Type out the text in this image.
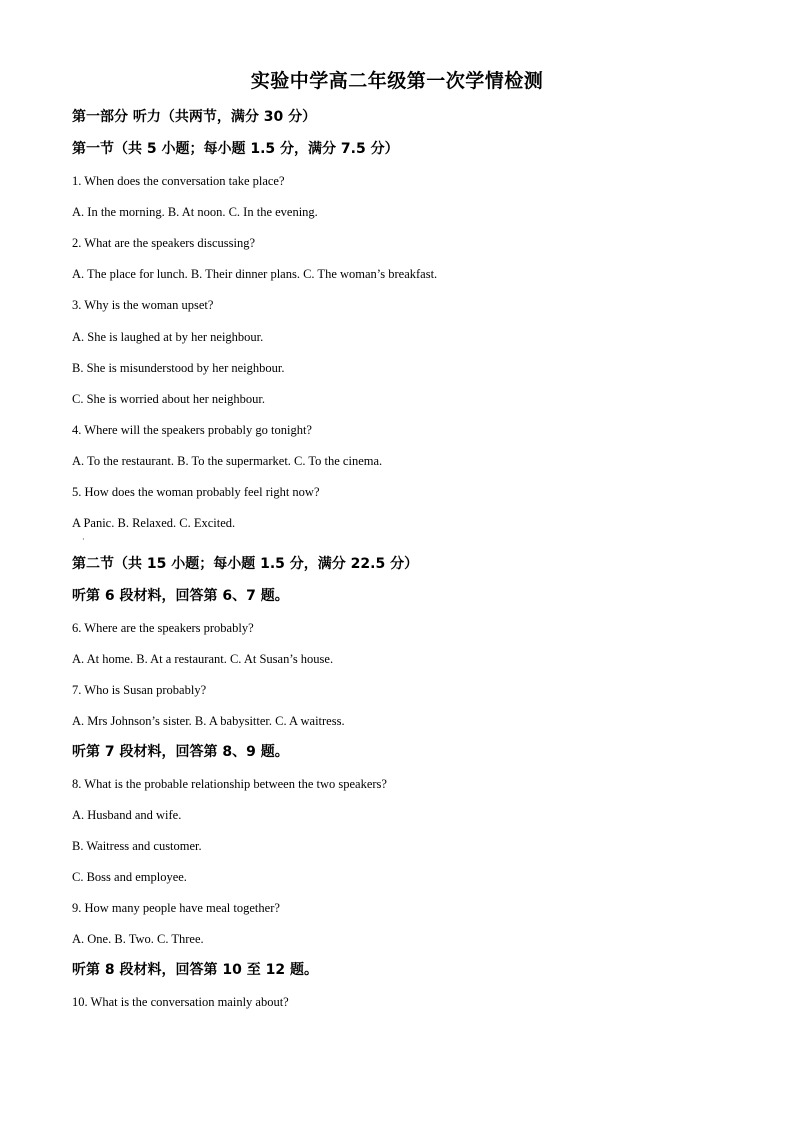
实验中学高二年级第一次学情检测
第一部分 听力（共两节，满分 30 分）
第一节（共 5 小题；每小题 1.5 分，满分 7.5 分）
1. When does the conversation take place?
A. In the morning. B. At noon. C. In the evening.
2. What are the speakers discussing?
A. The place for lunch. B. Their dinner plans. C. The woman’s breakfast.
3. Why is the woman upset?
A. She is laughed at by her neighbour.
B. She is misunderstood by her neighbour.
C. She is worried about her neighbour.
4. Where will the speakers probably go tonight?
A. To the restaurant. B. To the supermarket. C. To the cinema.
5. How does the woman probably feel right now?
A Panic. B. Relaxed. C. Excited.
·
第二节（共 15 小题；每小题 1.5 分，满分 22.5 分）
听第 6 段材料，回答第 6、7 题。
6. Where are the speakers probably?
A. At home. B. At a restaurant. C. At Susan’s house.
7. Who is Susan probably?
A. Mrs Johnson’s sister. B. A babysitter. C. A waitress.
听第 7 段材料，回答第 8、9 题。
8. What is the probable relationship between the two speakers?
A. Husband and wife.
B. Waitress and customer.
C. Boss and employee.
9. How many people have meal together?
A. One. B. Two. C. Three.
听第 8 段材料，回答第 10 至 12 题。
10. What is the conversation mainly about?
